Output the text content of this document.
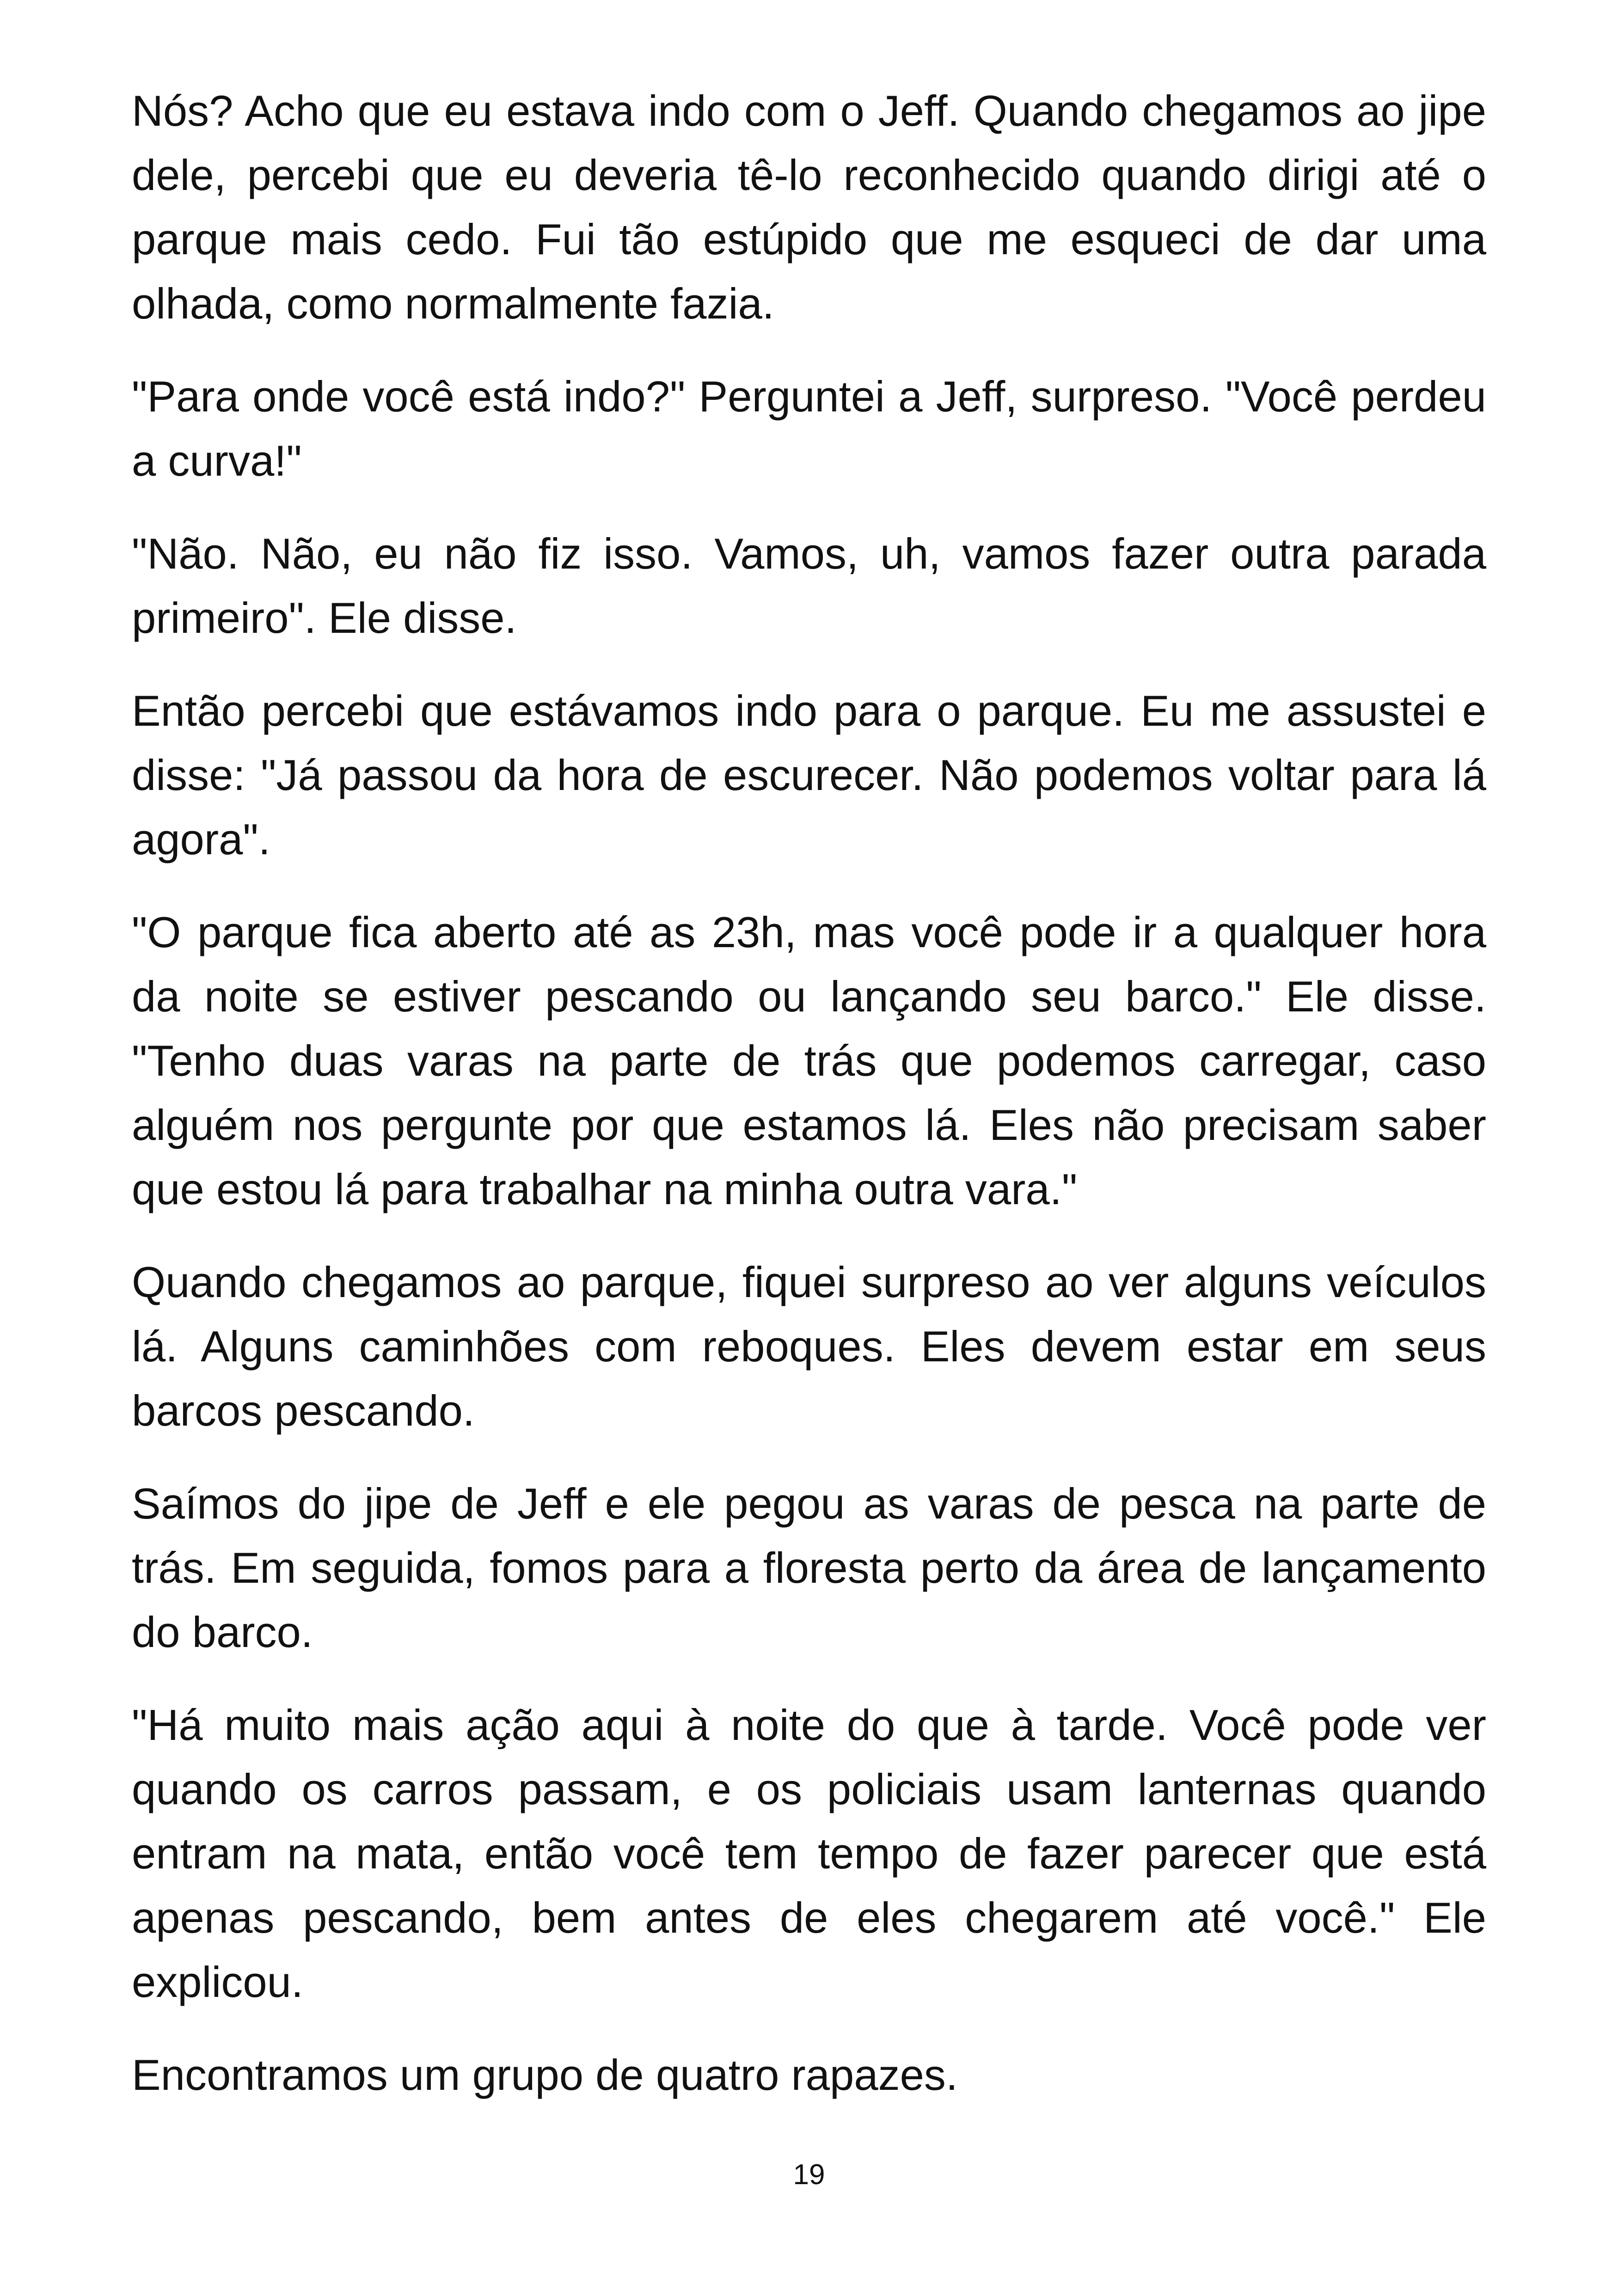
Nós? Acho que eu estava indo com o Jeff. Quando chegamos ao jipe dele, percebi que eu deveria tê-lo reconhecido quando dirigi até o parque mais cedo. Fui tão estúpido que me esqueci de dar uma olhada, como normalmente fazia.

"Para onde você está indo?" Perguntei a Jeff, surpreso. "Você perdeu a curva!"

"Não. Não, eu não fiz isso. Vamos, uh, vamos fazer outra parada primeiro". Ele disse.

Então percebi que estávamos indo para o parque. Eu me assustei e disse: "Já passou da hora de escurecer. Não podemos voltar para lá agora".

"O parque fica aberto até as 23h, mas você pode ir a qualquer hora da noite se estiver pescando ou lançando seu barco." Ele disse. "Tenho duas varas na parte de trás que podemos carregar, caso alguém nos pergunte por que estamos lá. Eles não precisam saber que estou lá para trabalhar na minha outra vara."

Quando chegamos ao parque, fiquei surpreso ao ver alguns veículos lá. Alguns caminhões com reboques. Eles devem estar em seus barcos pescando.

Saímos do jipe de Jeff e ele pegou as varas de pesca na parte de trás. Em seguida, fomos para a floresta perto da área de lançamento do barco.

"Há muito mais ação aqui à noite do que à tarde. Você pode ver quando os carros passam, e os policiais usam lanternas quando entram na mata, então você tem tempo de fazer parecer que está apenas pescando, bem antes de eles chegarem até você." Ele explicou.

Encontramos um grupo de quatro rapazes.

19
